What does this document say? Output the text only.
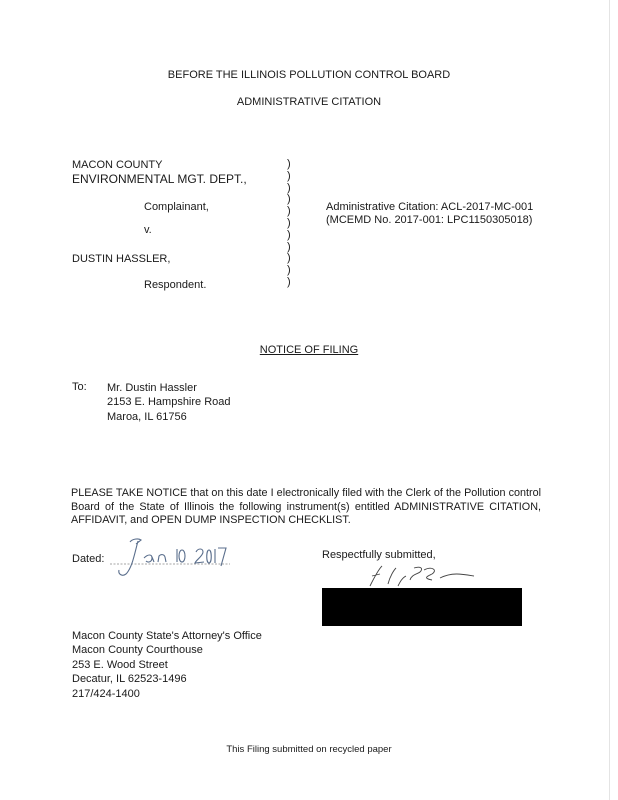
BEFORE THE ILLINOIS POLLUTION CONTROL BOARD
ADMINISTRATIVE CITATION
MACON COUNTY
ENVIRONMENTAL MGT. DEPT.,
Complainant,
v.
DUSTIN HASSLER,
Respondent.
)
)
)
)
)
)
)
)
)
)
)
Administrative Citation: ACL-2017-MC-001
(MCEMD No. 2017-001: LPC1150305018)
NOTICE OF FILING
To: Mr. Dustin Hassler
2153 E. Hampshire Road
Maroa, IL 61756
PLEASE TAKE NOTICE that on this date I electronically filed with the Clerk of the Pollution control Board of the State of Illinois the following instrument(s) entitled ADMINISTRATIVE CITATION, AFFIDAVIT, and OPEN DUMP INSPECTION CHECKLIST.
Dated:	Respectfully submitted,
Macon County State's Attorney's Office
Macon County Courthouse
253 E. Wood Street
Decatur, IL 62523-1496
217/424-1400
This Filing submitted on recycled paper
